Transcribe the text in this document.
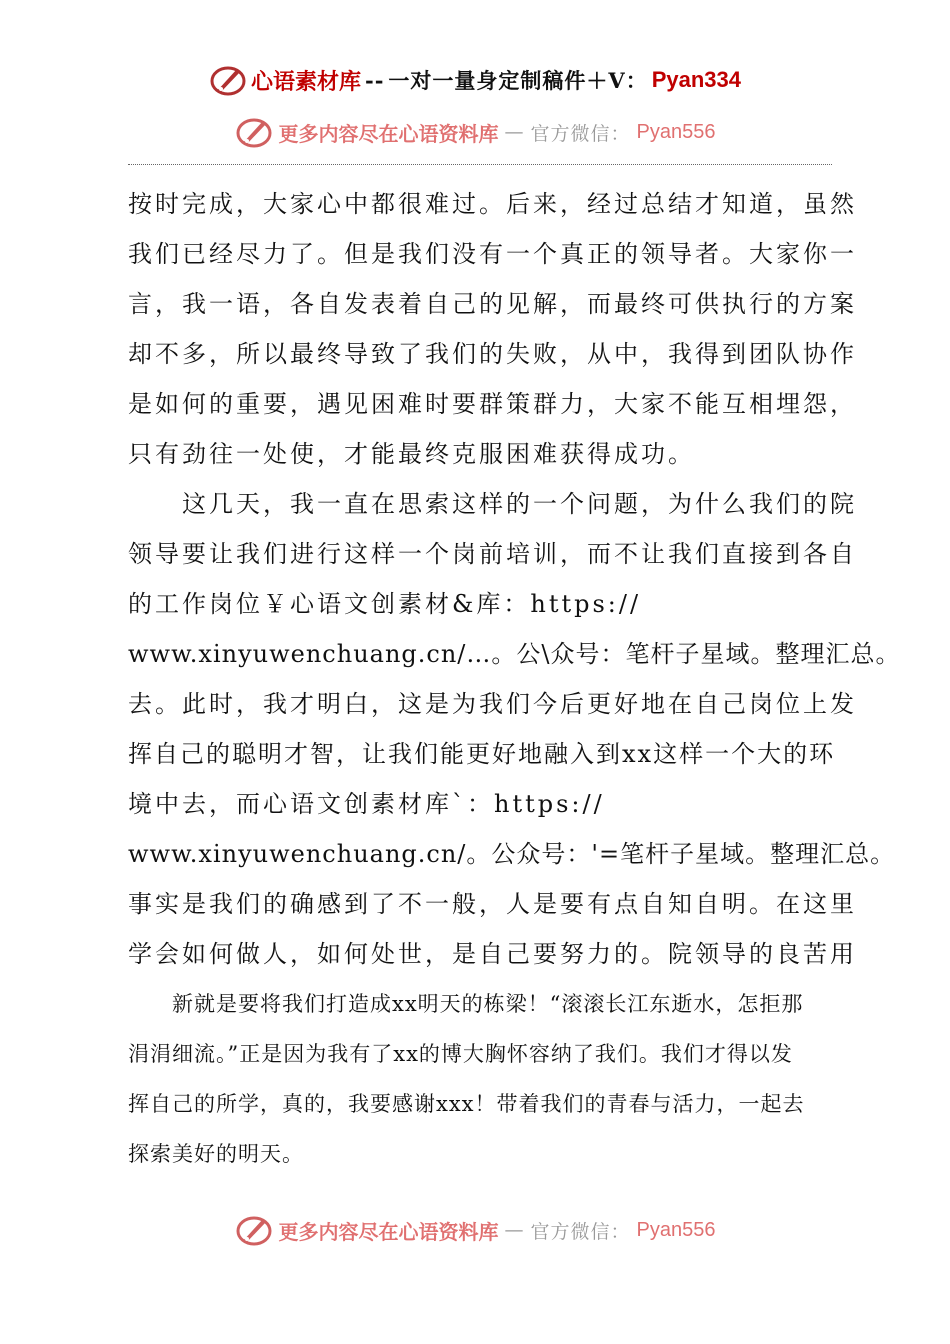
心语素材库 -- 一对一量身定制稿件＋V： Pyan334
更多内容尽在心语资料库 — 官方微信： Pyan556
按时完成，大家心中都很难过。后来，经过总结才知道，虽然
我们已经尽力了。但是我们没有一个真正的领导者。大家你一
言，我一语，各自发表着自己的见解，而最终可供执行的方案
却不多，所以最终导致了我们的失败，从中，我得到团队协作
是如何的重要，遇见困难时要群策群力，大家不能互相埋怨，
只有劲往一处使，才能最终克服困难获得成功。
　　这几天，我一直在思索这样的一个问题，为什么我们的院
领导要让我们进行这样一个岗前培训，而不让我们直接到各自
的工作岗位￥心语文创素材&库：https://
www.xinyuwenchuang.cn/…。公\众号：笔杆子星域。整理汇总。
去。此时，我才明白，这是为我们今后更好地在自己岗位上发
挥自己的聪明才智，让我们能更好地融入到xx这样一个大的环
境中去，而心语文创素材库`：https://
www.xinyuwenchuang.cn/。公众号：'=笔杆子星域。整理汇总。
事实是我们的确感到了不一般，人是要有点自知自明。在这里
学会如何做人，如何处世，是自己要努力的。院领导的良苦用
　　新就是要将我们打造成xx明天的栋梁！“滚滚长江东逝水，怎拒那
涓涓细流。”正是因为我有了xx的博大胸怀容纳了我们。我们才得以发
挥自己的所学，真的，我要感谢xxx！带着我们的青春与活力，一起去
探索美好的明天。
更多内容尽在心语资料库 — 官方微信： Pyan556
